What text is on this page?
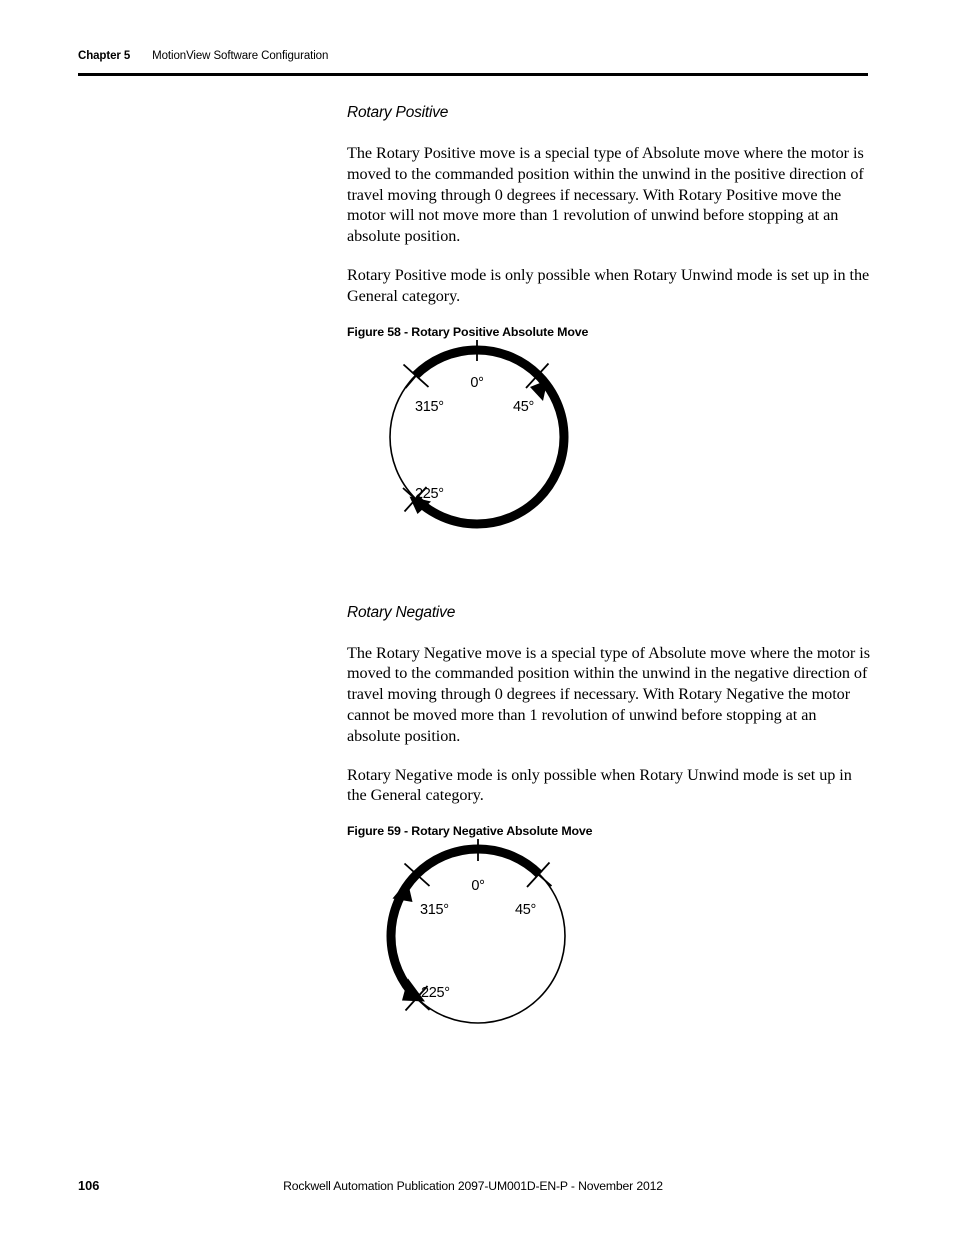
Chapter 5 MotionView Software Configuration
Rotary Positive

The Rotary Positive move is a special type of Absolute move where the motor is moved to the commanded position within the unwind in the positive direction of travel moving through 0 degrees if necessary. With Rotary Positive move the motor will not move more than 1 revolution of unwind before stopping at an absolute position.

Rotary Positive mode is only possible when Rotary Unwind mode is set up in the General category.

Figure 58 - Rotary Positive Absolute Move

0°
315°	45°
225°
Rotary Negative

The Rotary Negative move is a special type of Absolute move where the motor is moved to the commanded position within the unwind in the negative direction of travel moving through 0 degrees if necessary. With Rotary Negative the motor cannot be moved more than 1 revolution of unwind before stopping at an absolute position.

Rotary Negative mode is only possible when Rotary Unwind mode is set up in the General category.

Figure 59 - Rotary Negative Absolute Move

0°
315°	45°
225°
106	Rockwell Automation Publication 2097-UM001D-EN-P - November 2012
